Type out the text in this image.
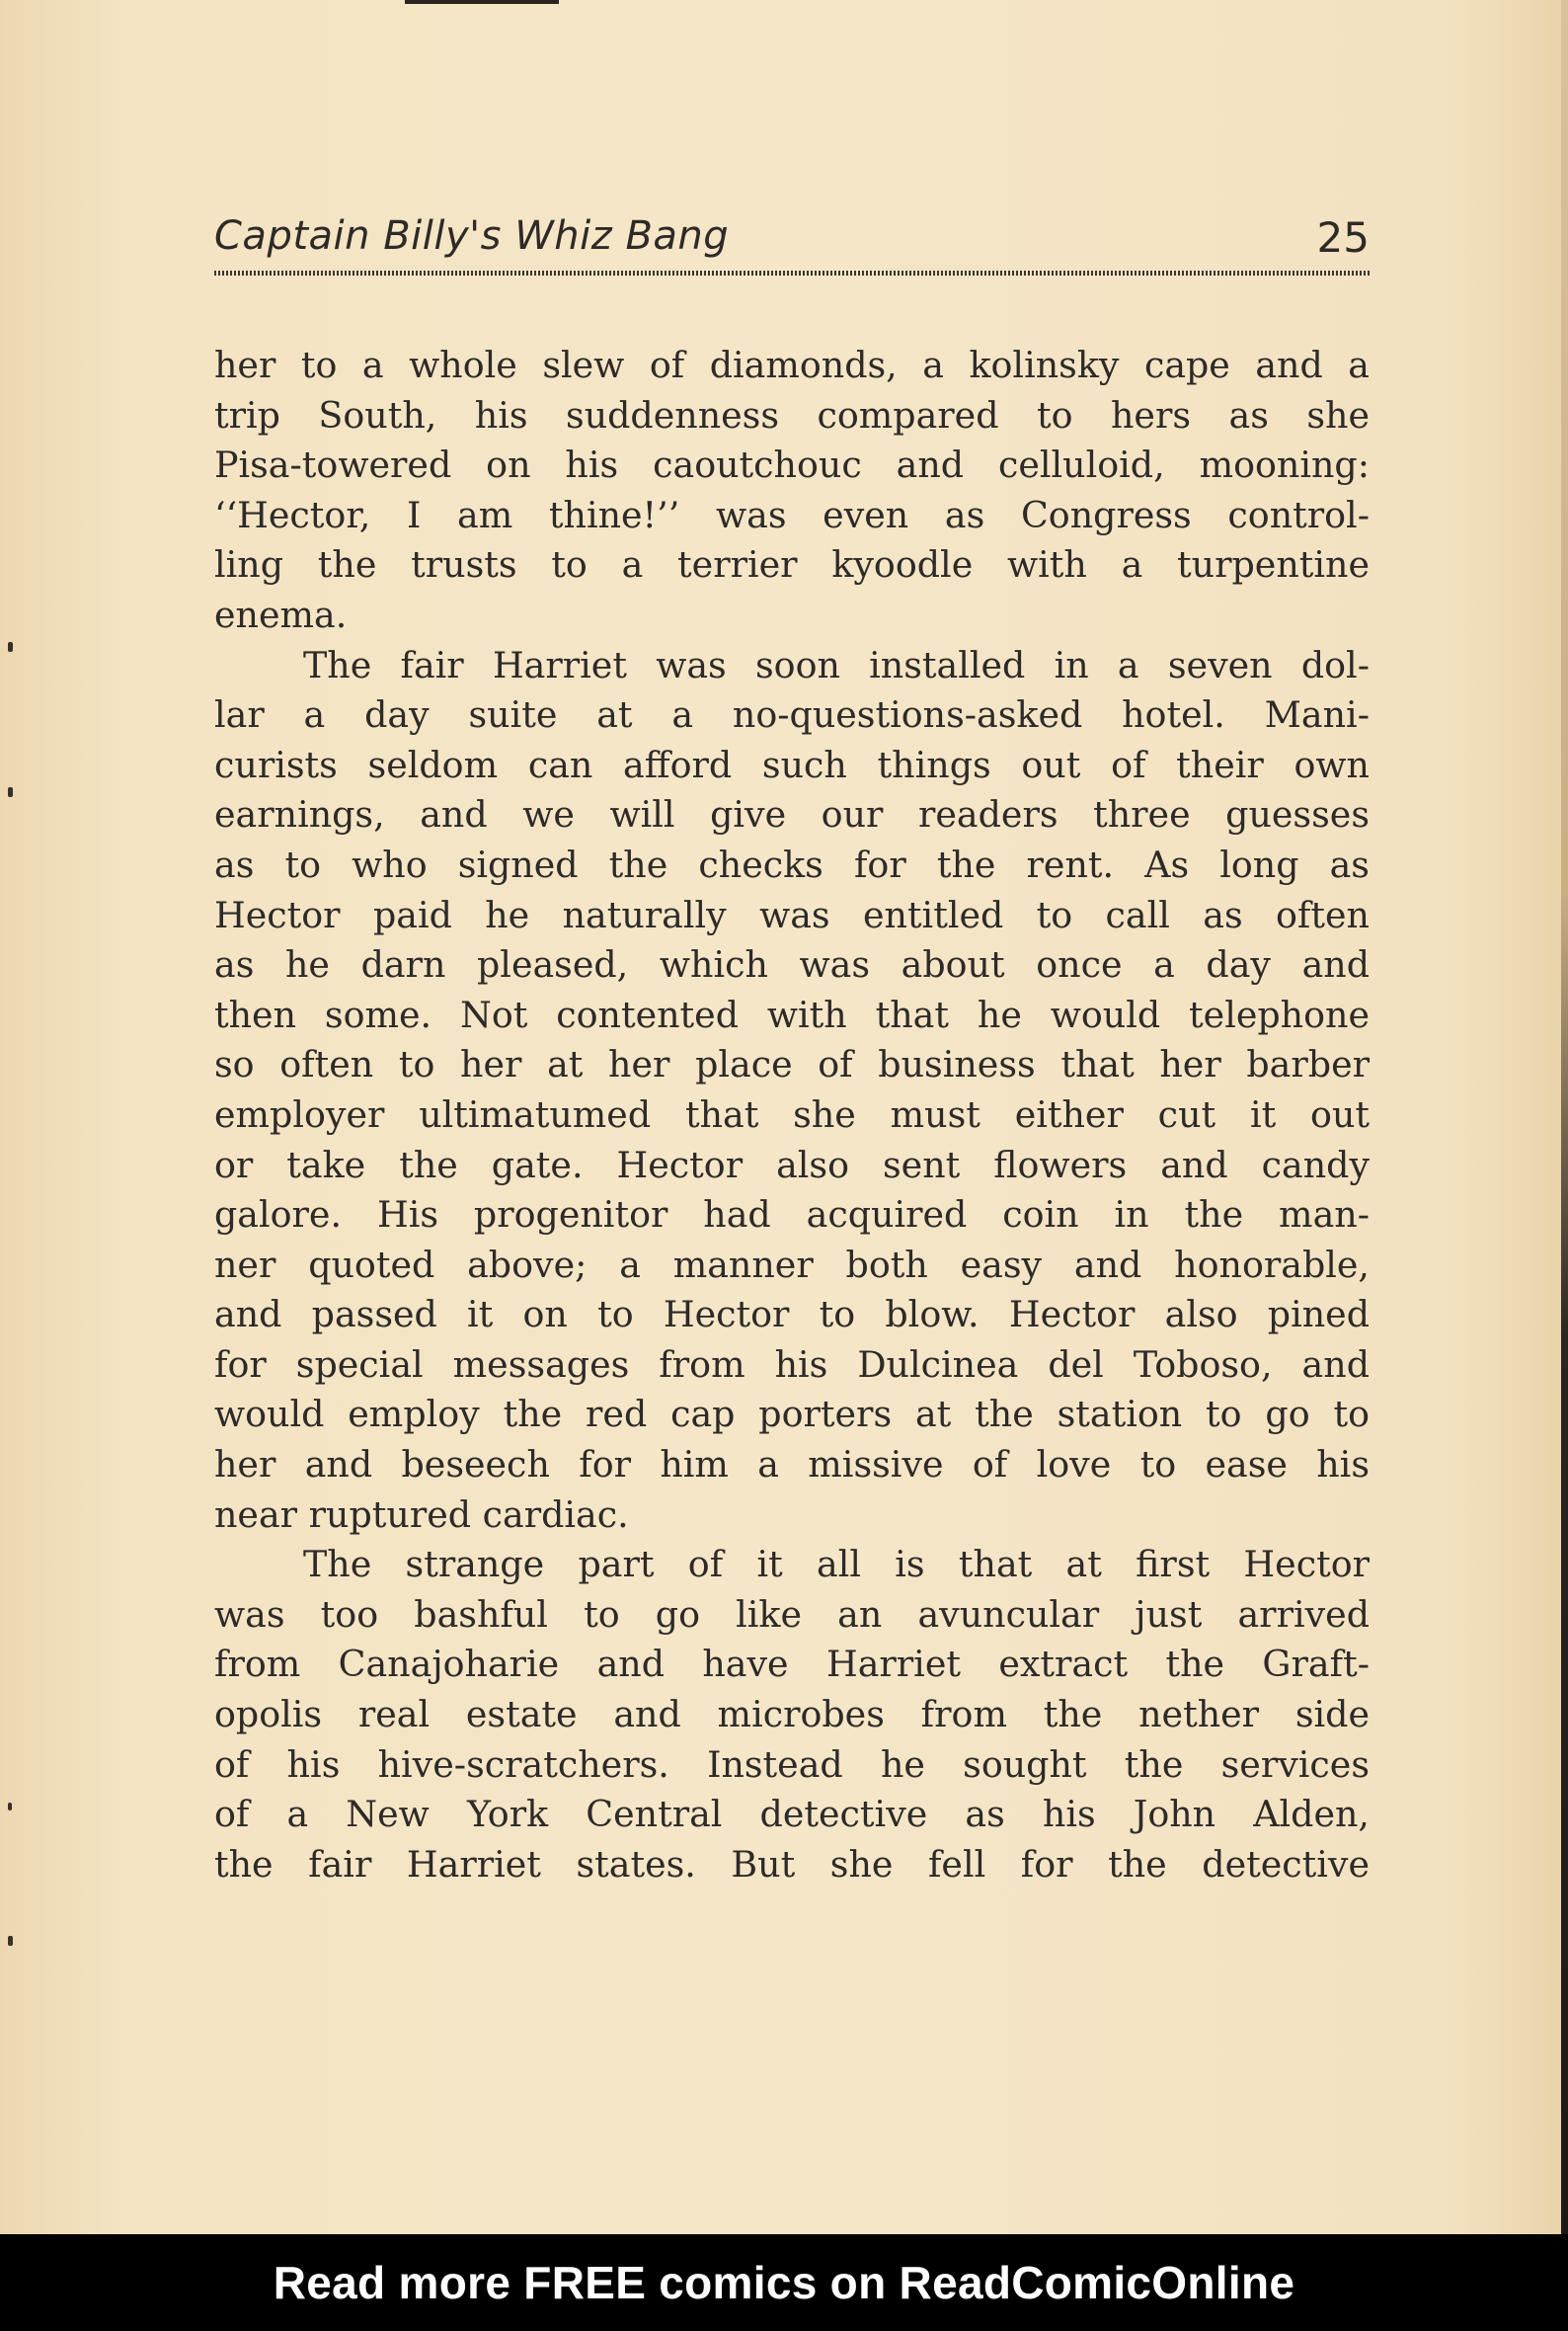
Captain Billy's Whiz Bang	25
her to a whole slew of diamonds, a kolinsky cape and a
trip South, his suddenness compared to hers as she
Pisa-towered on his caoutchouc and celluloid, mooning:
‘‘Hector, I am thine!’’ was even as Congress control-
ling the trusts to a terrier kyoodle with a turpentine
enema.
The fair Harriet was soon installed in a seven dol-
lar a day suite at a no-questions-asked hotel. Mani-
curists seldom can afford such things out of their own
earnings, and we will give our readers three guesses
as to who signed the checks for the rent. As long as
Hector paid he naturally was entitled to call as often
as he darn pleased, which was about once a day and
then some. Not contented with that he would telephone
so often to her at her place of business that her barber
employer ultimatumed that she must either cut it out
or take the gate. Hector also sent flowers and candy
galore. His progenitor had acquired coin in the man-
ner quoted above; a manner both easy and honorable,
and passed it on to Hector to blow. Hector also pined
for special messages from his Dulcinea del Toboso, and
would employ the red cap porters at the station to go to
her and beseech for him a missive of love to ease his
near ruptured cardiac.
The strange part of it all is that at first Hector
was too bashful to go like an avuncular just arrived
from Canajoharie and have Harriet extract the Graft-
opolis real estate and microbes from the nether side
of his hive-scratchers. Instead he sought the services
of a New York Central detective as his John Alden,
the fair Harriet states. But she fell for the detective
Read more FREE comics on ReadComicOnline
